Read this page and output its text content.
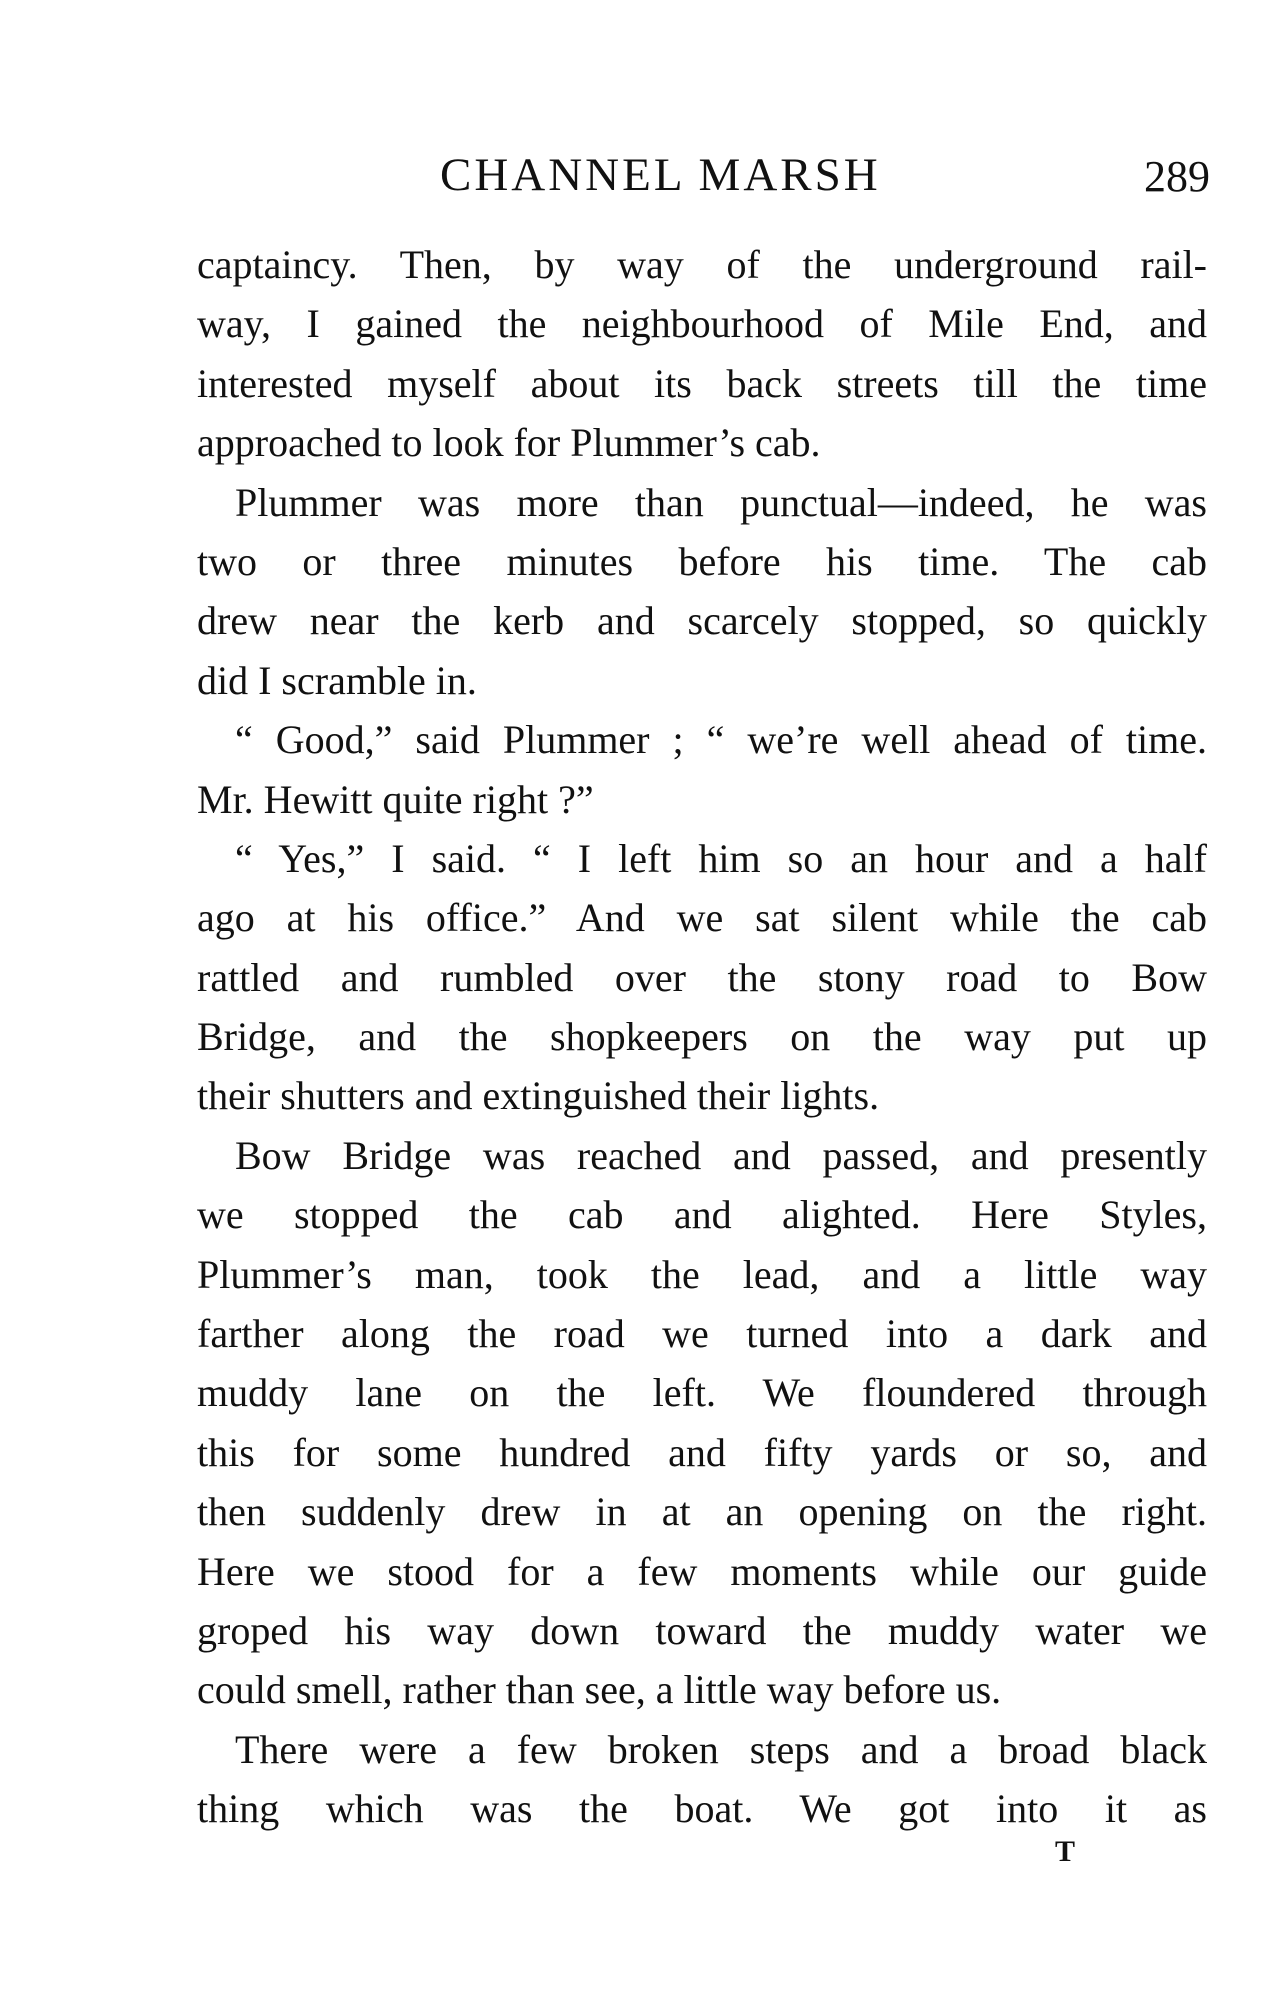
CHANNEL MARSH	289
captaincy. Then, by way of the underground rail-
way, I gained the neighbourhood of Mile End, and
interested myself about its back streets till the time
approached to look for Plummer’s cab.
Plummer was more than punctual—indeed, he was
two or three minutes before his time. The cab
drew near the kerb and scarcely stopped, so quickly
did I scramble in.
“ Good,” said Plummer ; “ we’re well ahead of time.
Mr. Hewitt quite right ?”
“ Yes,” I said. “ I left him so an hour and a half
ago at his office.” And we sat silent while the cab
rattled and rumbled over the stony road to Bow
Bridge, and the shopkeepers on the way put up
their shutters and extinguished their lights.
Bow Bridge was reached and passed, and presently
we stopped the cab and alighted. Here Styles,
Plummer’s man, took the lead, and a little way
farther along the road we turned into a dark and
muddy lane on the left. We floundered through
this for some hundred and fifty yards or so, and
then suddenly drew in at an opening on the right.
Here we stood for a few moments while our guide
groped his way down toward the muddy water we
could smell, rather than see, a little way before us.
There were a few broken steps and a broad black
thing which was the boat. We got into it as
T
